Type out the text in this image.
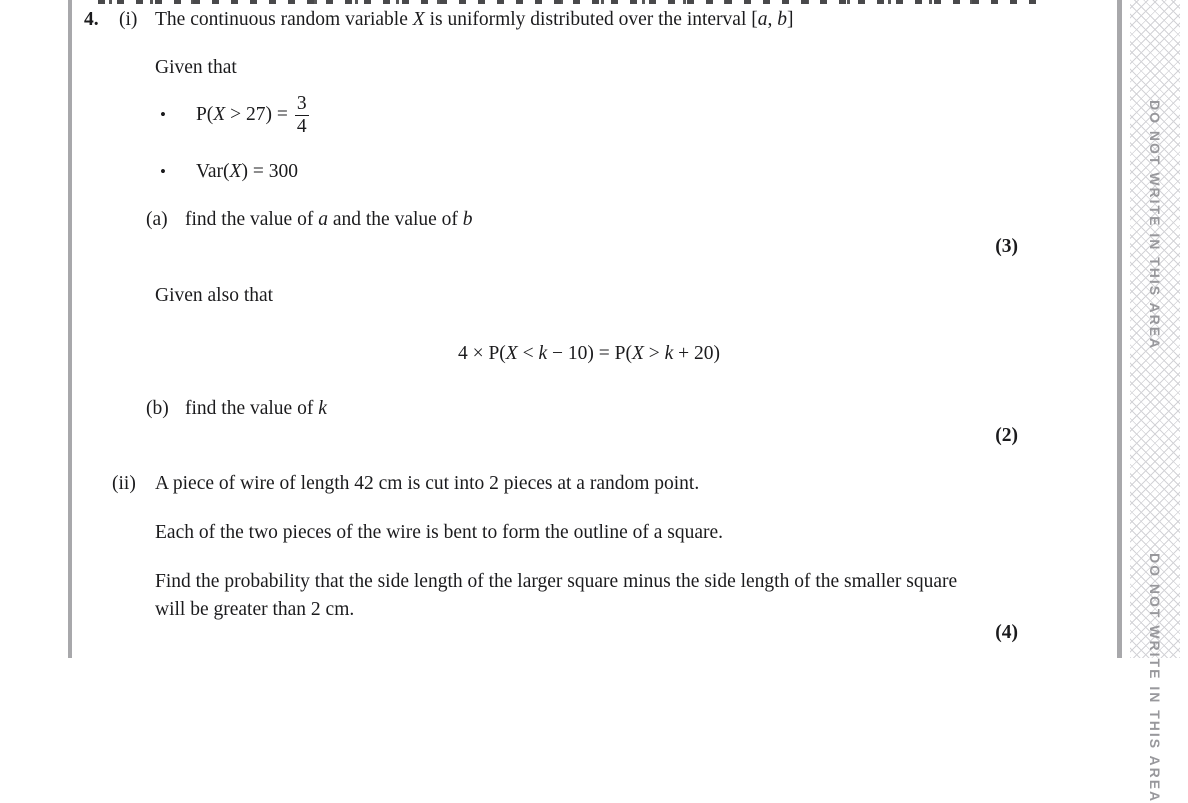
DO NOT WRITE IN THIS AREA
DO NOT WRITE IN THIS AREA
4. (i) The continuous random variable X is uniformly distributed over the interval [a, b]
Given that
• $P(X > 27) = \frac{3}{4}$
• Var(X) = 300
(a) find the value of a and the value of b
(3)
Given also that
4 × P(X < k − 10) = P(X > k + 20)
(b) find the value of k
(2)
(ii) A piece of wire of length 42 cm is cut into 2 pieces at a random point.
Each of the two pieces of the wire is bent to form the outline of a square.
Find the probability that the side length of the larger square minus the side length of the smaller square will be greater than 2 cm.
(4)
